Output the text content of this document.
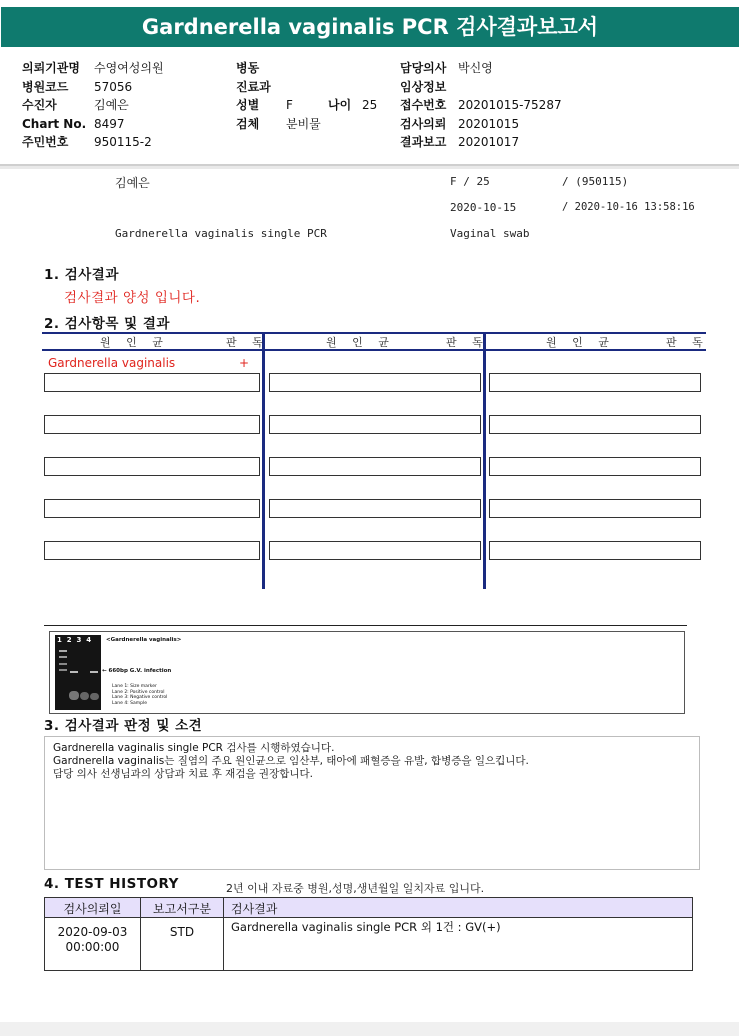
Gardnerella vaginalis PCR 검사결과보고서
의뢰기관명 수영여성의원
병원코드 57056
수진자	김예은
Chart No. 8497
주민번호 950115-2
병동
진료과
성별 F	나이 25
검체 분비물
담당의사 박신영
임상정보
접수번호 20201015-75287
검사의뢰 20201015
결과보고 20201017
김예은	F / 25	/ (950115)
2020-10-15	/ 2020-10-16 13:58:16
Gardnerella vaginalis single PCR	Vaginal swab
1. 검사결과
검사결과 양성 입니다.
2. 검사항목 및 결과
원 인 균	판 독	원 인 균	판 독	원 인 균	판 독
Gardnerella vaginalis	+
1  2  3  4	<Gardnerella vaginalis>
← 660bp G.V. infection
Lane 1: Size marker
Lane 2: Positive control
Lane 3: Negative control
Lane 4: Sample
3. 검사결과 판정 및 소견
Gardnerella vaginalis single PCR 검사를 시행하였습니다.
Gardnerella vaginalis는 질염의 주요 원인균으로 임산부, 태아에 패혈증을 유발, 합병증을 일으킵니다.
담당 의사 선생님과의 상담과 치료 후 재검을 권장합니다.
4. TEST HISTORY	2년 이내 자료중 병원,성명,생년월일 일치자료 입니다.
검사의뢰일	보고서구분	검사결과
2020-09-03
00:00:00
STD	Gardnerella vaginalis single PCR 외 1건 : GV(+)
